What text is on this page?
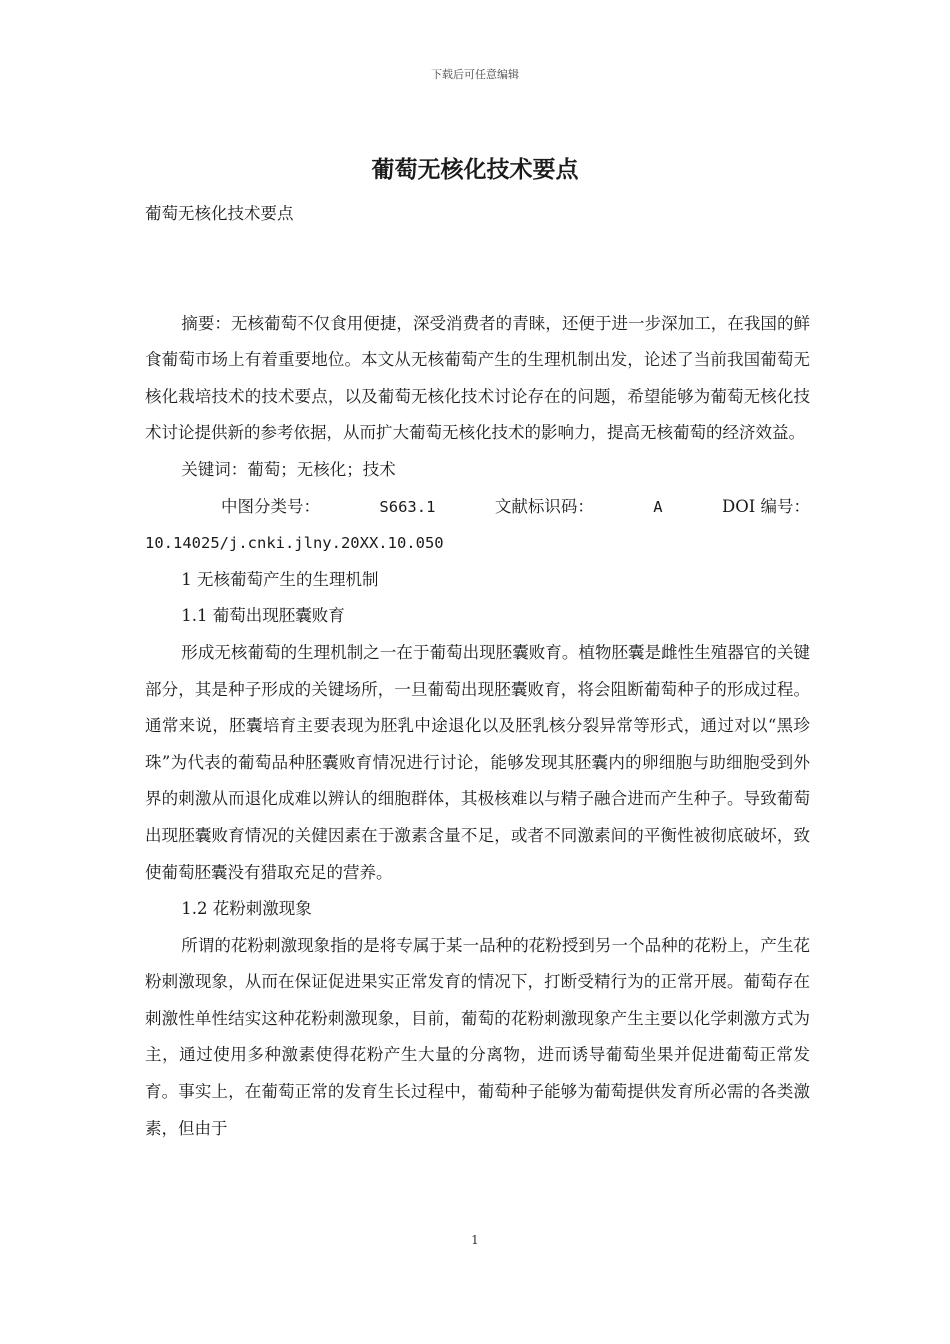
下载后可任意编辑
葡萄无核化技术要点

葡萄无核化技术要点

摘要：无核葡萄不仅食用便捷，深受消费者的青睐，还便于进一步深加工，在我国的鲜食葡萄市场上有着重要地位。本文从无核葡萄产生的生理机制出发，论述了当前我国葡萄无核化栽培技术的技术要点，以及葡萄无核化技术讨论存在的问题，希望能够为葡萄无核化技术讨论提供新的参考依据，从而扩大葡萄无核化技术的影响力，提高无核葡萄的经济效益。

关键词：葡萄；无核化；技术

中图分类号：	S663.1	文献标识码：	A	DOI 编号：

10.14025/j.cnki.jlny.20XX.10.050

1 无核葡萄产生的生理机制

1.1 葡萄出现胚囊败育

形成无核葡萄的生理机制之一在于葡萄出现胚囊败育。植物胚囊是雌性生殖器官的关键部分，其是种子形成的关键场所，一旦葡萄出现胚囊败育，将会阻断葡萄种子的形成过程。通常来说，胚囊培育主要表现为胚乳中途退化以及胚乳核分裂异常等形式，通过对以“黑珍珠”为代表的葡萄品种胚囊败育情况进行讨论，能够发现其胚囊内的卵细胞与助细胞受到外界的刺激从而退化成难以辨认的细胞群体，其极核难以与精子融合进而产生种子。导致葡萄出现胚囊败育情况的关健因素在于激素含量不足，或者不同激素间的平衡性被彻底破坏，致使葡萄胚囊没有猎取充足的营养。

1.2 花粉刺激现象

所谓的花粉刺激现象指的是将专属于某一品种的花粉授到另一个品种的花粉上，产生花粉刺激现象，从而在保证促进果实正常发育的情况下，打断受精行为的正常开展。葡萄存在刺激性单性结实这种花粉刺激现象，目前，葡萄的花粉刺激现象产生主要以化学刺激方式为主，通过使用多种激素使得花粉产生大量的分离物，进而诱导葡萄坐果并促进葡萄正常发育。事实上，在葡萄正常的发育生长过程中，葡萄种子能够为葡萄提供发育所必需的各类激素，但由于

1
